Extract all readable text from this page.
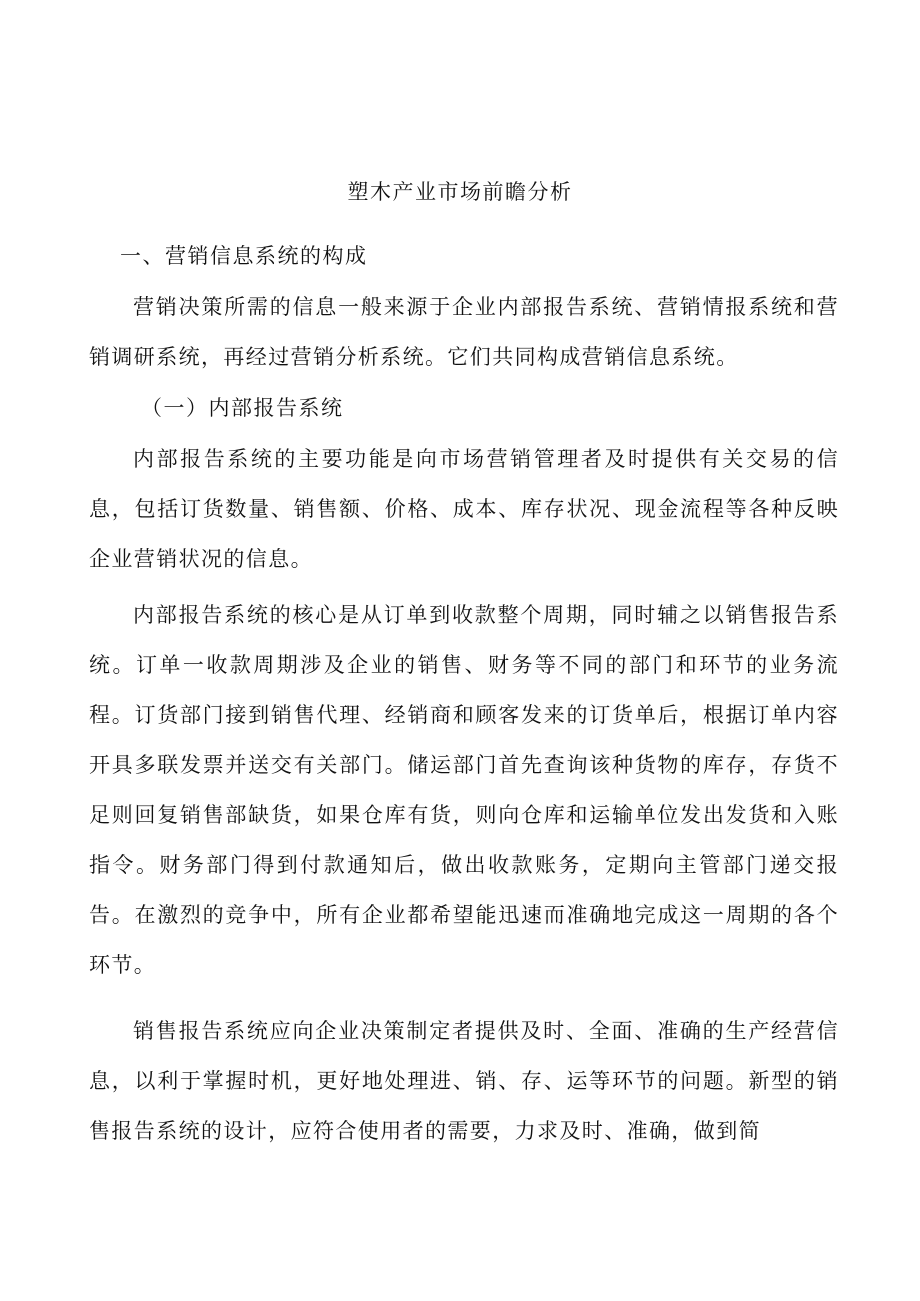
塑木产业市场前瞻分析
一、营销信息系统的构成
营销决策所需的信息一般来源于企业内部报告系统、营销情报系统和营销调研系统，再经过营销分析系统。它们共同构成营销信息系统。
（一）内部报告系统
内部报告系统的主要功能是向市场营销管理者及时提供有关交易的信息，包括订货数量、销售额、价格、成本、库存状况、现金流程等各种反映企业营销状况的信息。
内部报告系统的核心是从订单到收款整个周期，同时辅之以销售报告系统。订单一收款周期涉及企业的销售、财务等不同的部门和环节的业务流程。订货部门接到销售代理、经销商和顾客发来的订货单后，根据订单内容开具多联发票并送交有关部门。储运部门首先查询该种货物的库存，存货不足则回复销售部缺货，如果仓库有货，则向仓库和运输单位发出发货和入账指令。财务部门得到付款通知后，做出收款账务，定期向主管部门递交报告。在激烈的竞争中，所有企业都希望能迅速而准确地完成这一周期的各个环节。
销售报告系统应向企业决策制定者提供及时、全面、准确的生产经营信息，以利于掌握时机，更好地处理进、销、存、运等环节的问题。新型的销售报告系统的设计，应符合使用者的需要，力求及时、准确，做到简
